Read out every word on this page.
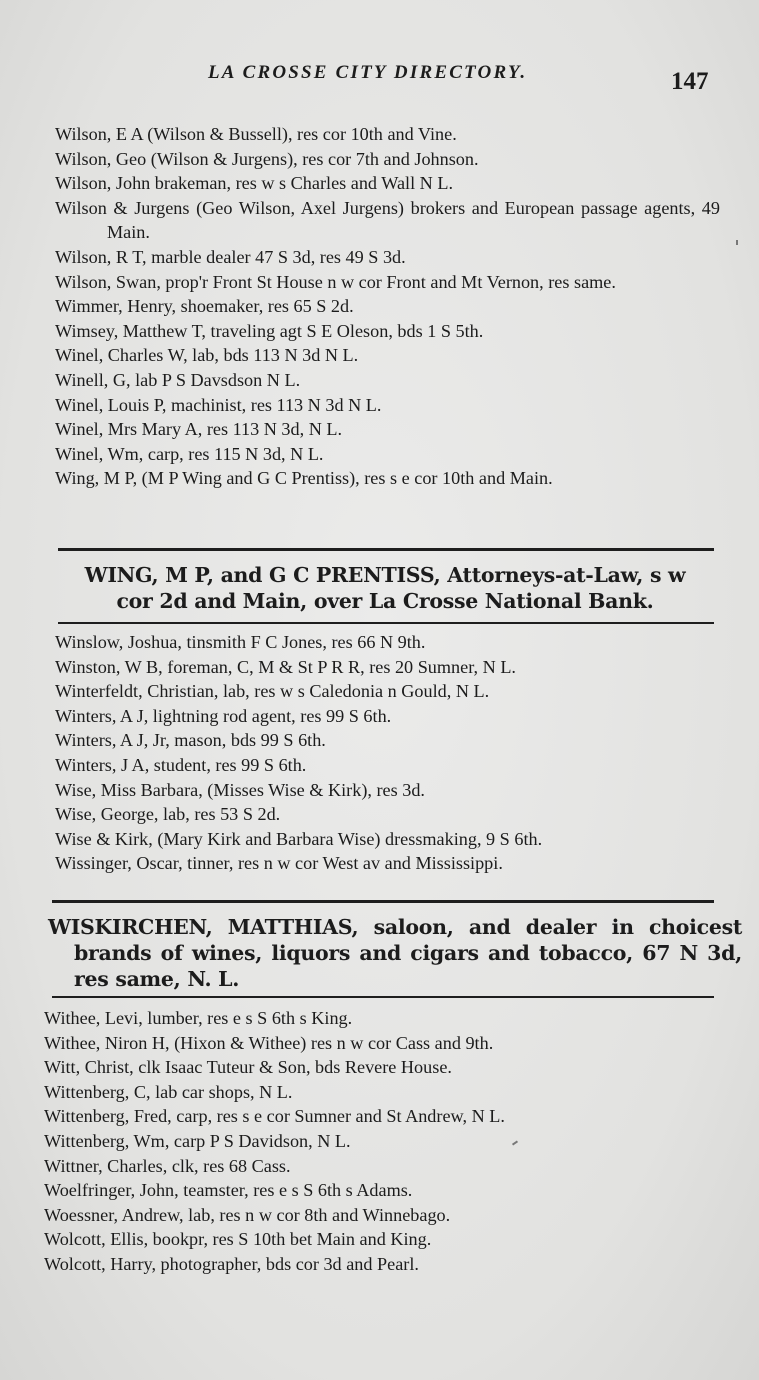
LA CROSSE CITY DIRECTORY.	147
Wilson, E A (Wilson & Bussell), res cor 10th and Vine.
Wilson, Geo (Wilson & Jurgens), res cor 7th and Johnson.
Wilson, John brakeman, res w s Charles and Wall N L.
Wilson & Jurgens (Geo Wilson, Axel Jurgens) brokers and European passage agents, 49 Main.
Wilson, R T, marble dealer 47 S 3d, res 49 S 3d.
Wilson, Swan, prop'r Front St House n w cor Front and Mt Vernon, res same.
Wimmer, Henry, shoemaker, res 65 S 2d.
Wimsey, Matthew T, traveling agt S E Oleson, bds 1 S 5th.
Winel, Charles W, lab, bds 113 N 3d N L.
Winell, G, lab P S Davsdson N L.
Winel, Louis P, machinist, res 113 N 3d N L.
Winel, Mrs Mary A, res 113 N 3d, N L.
Winel, Wm, carp, res 115 N 3d, N L.
Wing, M P, (M P Wing and G C Prentiss), res s e cor 10th and Main.
WING, M P, and G C PRENTISS, Attorneys-at-Law, s w
cor 2d and Main, over La Crosse National Bank.
Winslow, Joshua, tinsmith F C Jones, res 66 N 9th.
Winston, W B, foreman, C, M & St P R R, res 20 Sumner, N L.
Winterfeldt, Christian, lab, res w s Caledonia n Gould, N L.
Winters, A J, lightning rod agent, res 99 S 6th.
Winters, A J, Jr, mason, bds 99 S 6th.
Winters, J A, student, res 99 S 6th.
Wise, Miss Barbara, (Misses Wise & Kirk), res 3d.
Wise, George, lab, res 53 S 2d.
Wise & Kirk, (Mary Kirk and Barbara Wise) dressmaking, 9 S 6th.
Wissinger, Oscar, tinner, res n w cor West av and Mississippi.
WISKIRCHEN, MATTHIAS, saloon, and dealer in choicest brands of wines, liquors and cigars and tobacco, 67 N 3d, res same, N. L.
Withee, Levi, lumber, res e s S 6th s King.
Withee, Niron H, (Hixon & Withee) res n w cor Cass and 9th.
Witt, Christ, clk Isaac Tuteur & Son, bds Revere House.
Wittenberg, C, lab car shops, N L.
Wittenberg, Fred, carp, res s e cor Sumner and St Andrew, N L.
Wittenberg, Wm, carp P S Davidson, N L.
Wittner, Charles, clk, res 68 Cass.
Woelfringer, John, teamster, res e s S 6th s Adams.
Woessner, Andrew, lab, res n w cor 8th and Winnebago.
Wolcott, Ellis, bookpr, res S 10th bet Main and King.
Wolcott, Harry, photographer, bds cor 3d and Pearl.
